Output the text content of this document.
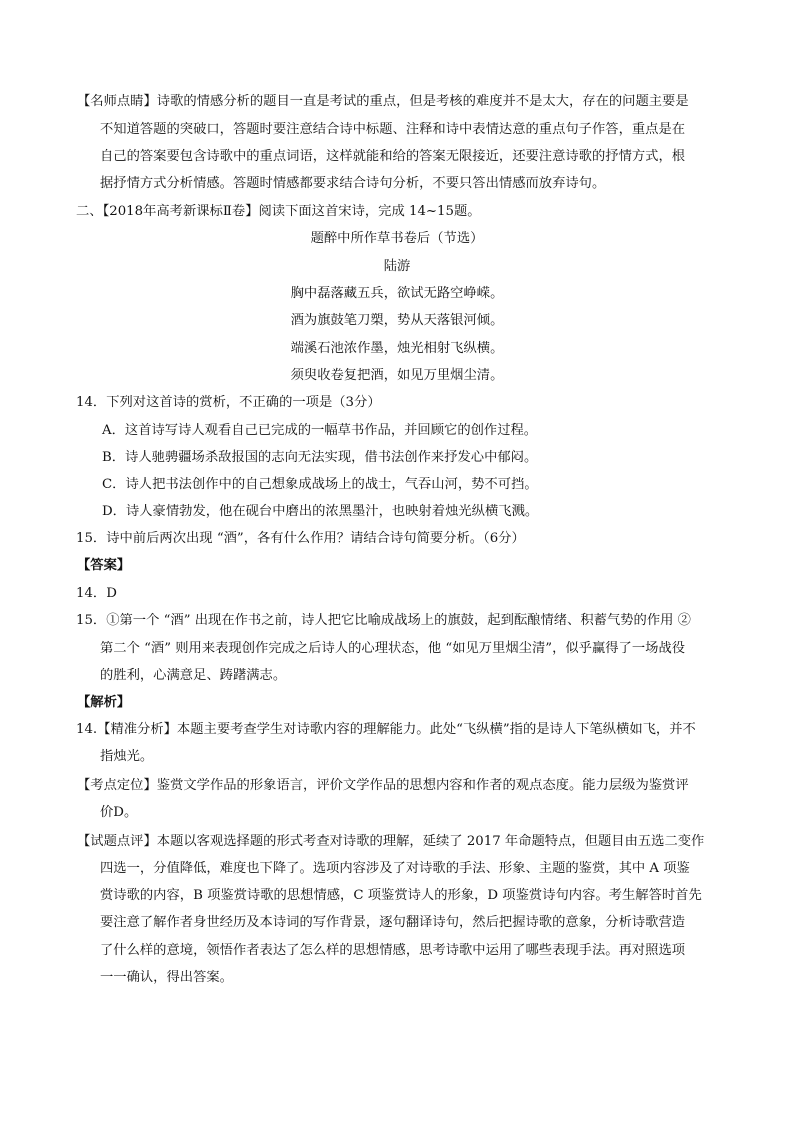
【名师点睛】诗歌的情感分析的题目一直是考试的重点，但是考核的难度并不是太大，存在的问题主要是
不知道答题的突破口，答题时要注意结合诗中标题、注释和诗中表情达意的重点句子作答，重点是在
自己的答案要包含诗歌中的重点词语，这样就能和给的答案无限接近，还要注意诗歌的抒情方式，根
据抒情方式分析情感。答题时情感都要求结合诗句分析，不要只答出情感而放弃诗句。
二、【2018年高考新课标Ⅱ卷】阅读下面这首宋诗，完成 14~15题。
题醉中所作草书卷后（节选）
陆游
胸中磊落藏五兵，欲试无路空峥嵘。
酒为旗鼓笔刀槊，势从天落银河倾。
端溪石池浓作墨，烛光相射飞纵横。
须臾收卷复把酒，如见万里烟尘清。
14．下列对这首诗的赏析，不正确的一项是（3分）
A．这首诗写诗人观看自己已完成的一幅草书作品，并回顾它的创作过程。
B．诗人驰骋疆场杀敌报国的志向无法实现，借书法创作来抒发心中郁闷。
C．诗人把书法创作中的自己想象成战场上的战士，气吞山河，势不可挡。
D．诗人豪情勃发，他在砚台中磨出的浓黑墨汁，也映射着烛光纵横飞溅。
15．诗中前后两次出现 “酒”，各有什么作用？请结合诗句简要分析。（6分）
【答案】
14．D
15．①第一个 “酒” 出现在作书之前，诗人把它比喻成战场上的旗鼓，起到酝酿情绪、积蓄气势的作用 ②
第二个 “酒” 则用来表现创作完成之后诗人的心理状态，他 “如见万里烟尘清”，似乎赢得了一场战役
的胜利，心满意足、踌躇满志。
【解析】
14.【精准分析】本题主要考查学生对诗歌内容的理解能力。此处“飞纵横”指的是诗人下笔纵横如飞，并不
指烛光。
【考点定位】鉴赏文学作品的形象语言，评价文学作品的思想内容和作者的观点态度。能力层级为鉴赏评
价D。
【试题点评】本题以客观选择题的形式考查对诗歌的理解，延续了 2017 年命题特点，但题目由五选二变作
四选一，分值降低，难度也下降了。选项内容涉及了对诗歌的手法、形象、主题的鉴赏，其中 A 项鉴
赏诗歌的内容，B 项鉴赏诗歌的思想情感，C 项鉴赏诗人的形象，D 项鉴赏诗句内容。考生解答时首先
要注意了解作者身世经历及本诗词的写作背景，逐句翻译诗句，然后把握诗歌的意象，分析诗歌营造
了什么样的意境，领悟作者表达了怎么样的思想情感，思考诗歌中运用了哪些表现手法。再对照选项
一一确认，得出答案。
